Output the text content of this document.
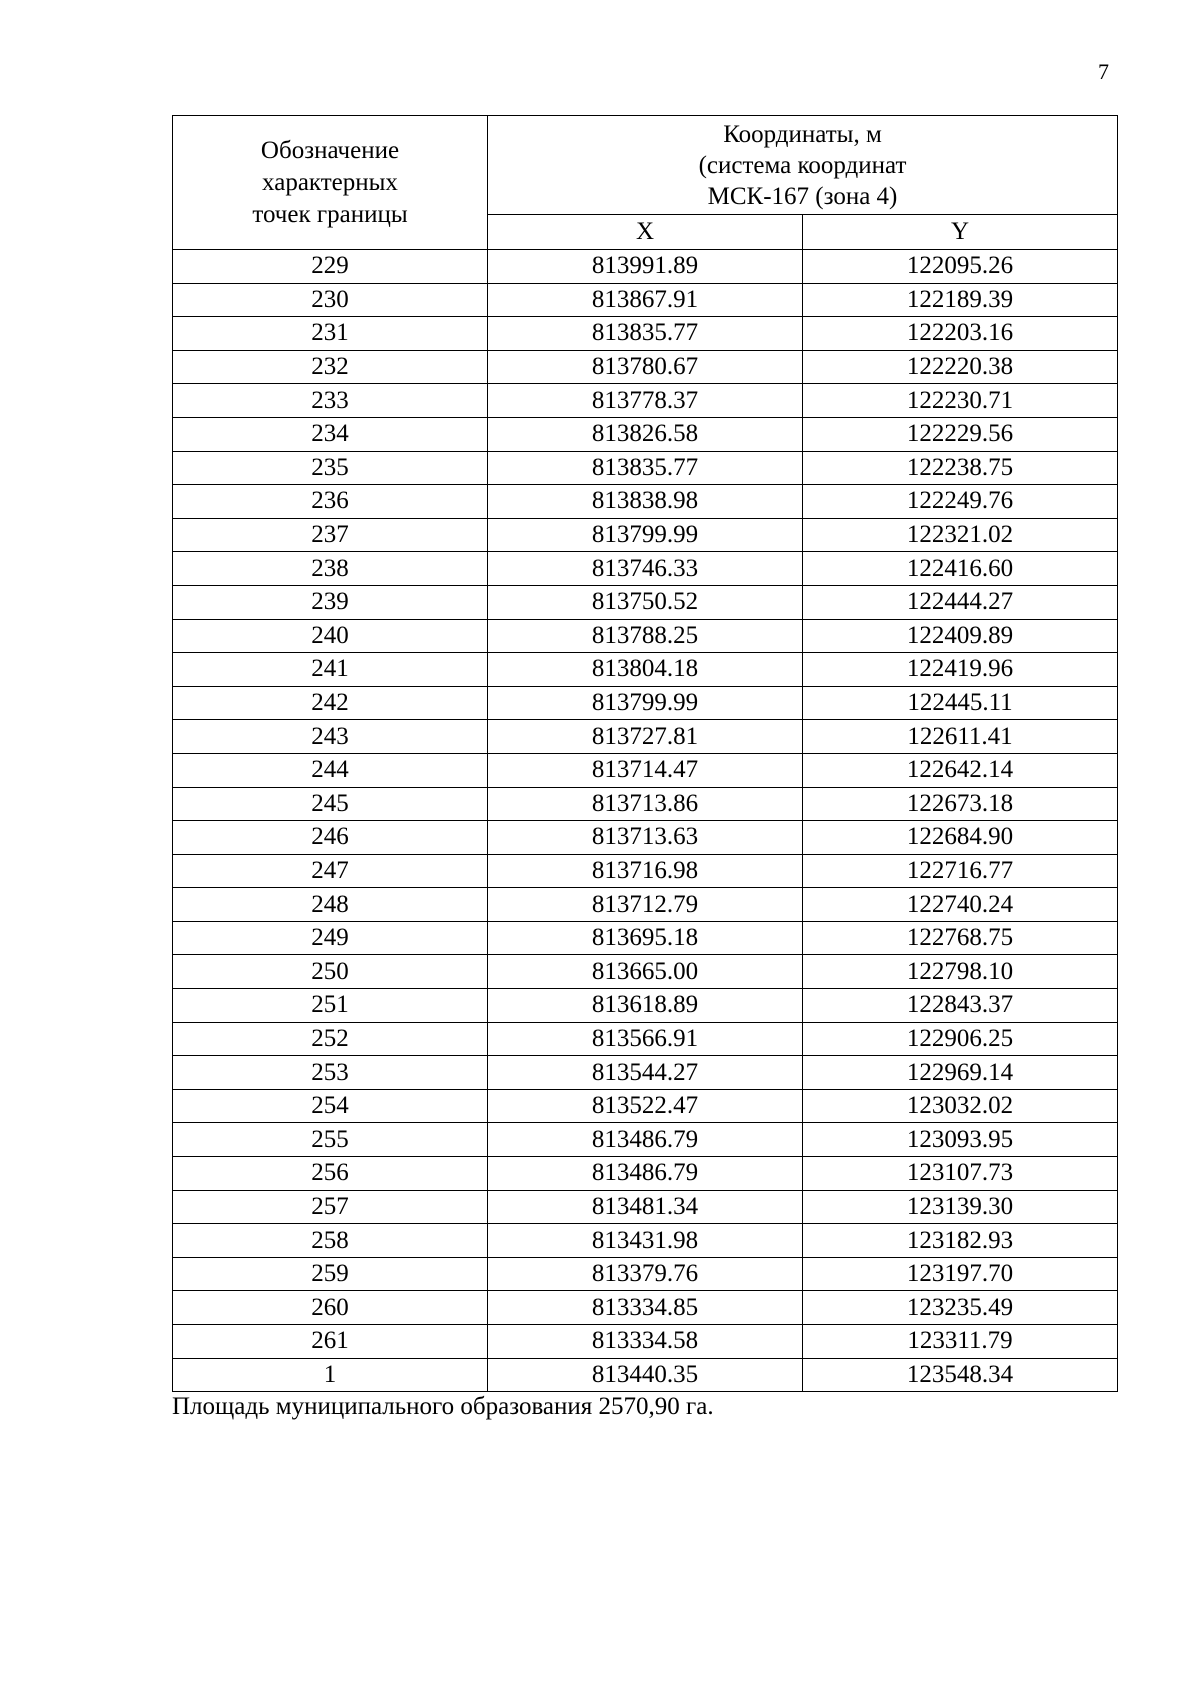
7
Обозначение
характерных
точек границы	Координаты, м
(система координат
МСК-167 (зона 4)	

	X	Y
229	813991.89	122095.26
230	813867.91	122189.39
231	813835.77	122203.16
232	813780.67	122220.38
233	813778.37	122230.71
234	813826.58	122229.56
235	813835.77	122238.75
236	813838.98	122249.76
237	813799.99	122321.02
238	813746.33	122416.60
239	813750.52	122444.27
240	813788.25	122409.89
241	813804.18	122419.96
242	813799.99	122445.11
243	813727.81	122611.41
244	813714.47	122642.14
245	813713.86	122673.18
246	813713.63	122684.90
247	813716.98	122716.77
248	813712.79	122740.24
249	813695.18	122768.75
250	813665.00	122798.10
251	813618.89	122843.37
252	813566.91	122906.25
253	813544.27	122969.14
254	813522.47	123032.02
255	813486.79	123093.95
256	813486.79	123107.73
257	813481.34	123139.30
258	813431.98	123182.93
259	813379.76	123197.70
260	813334.85	123235.49
261	813334.58	123311.79
1	813440.35	123548.34
Площадь муниципального образования 2570,90 га.
